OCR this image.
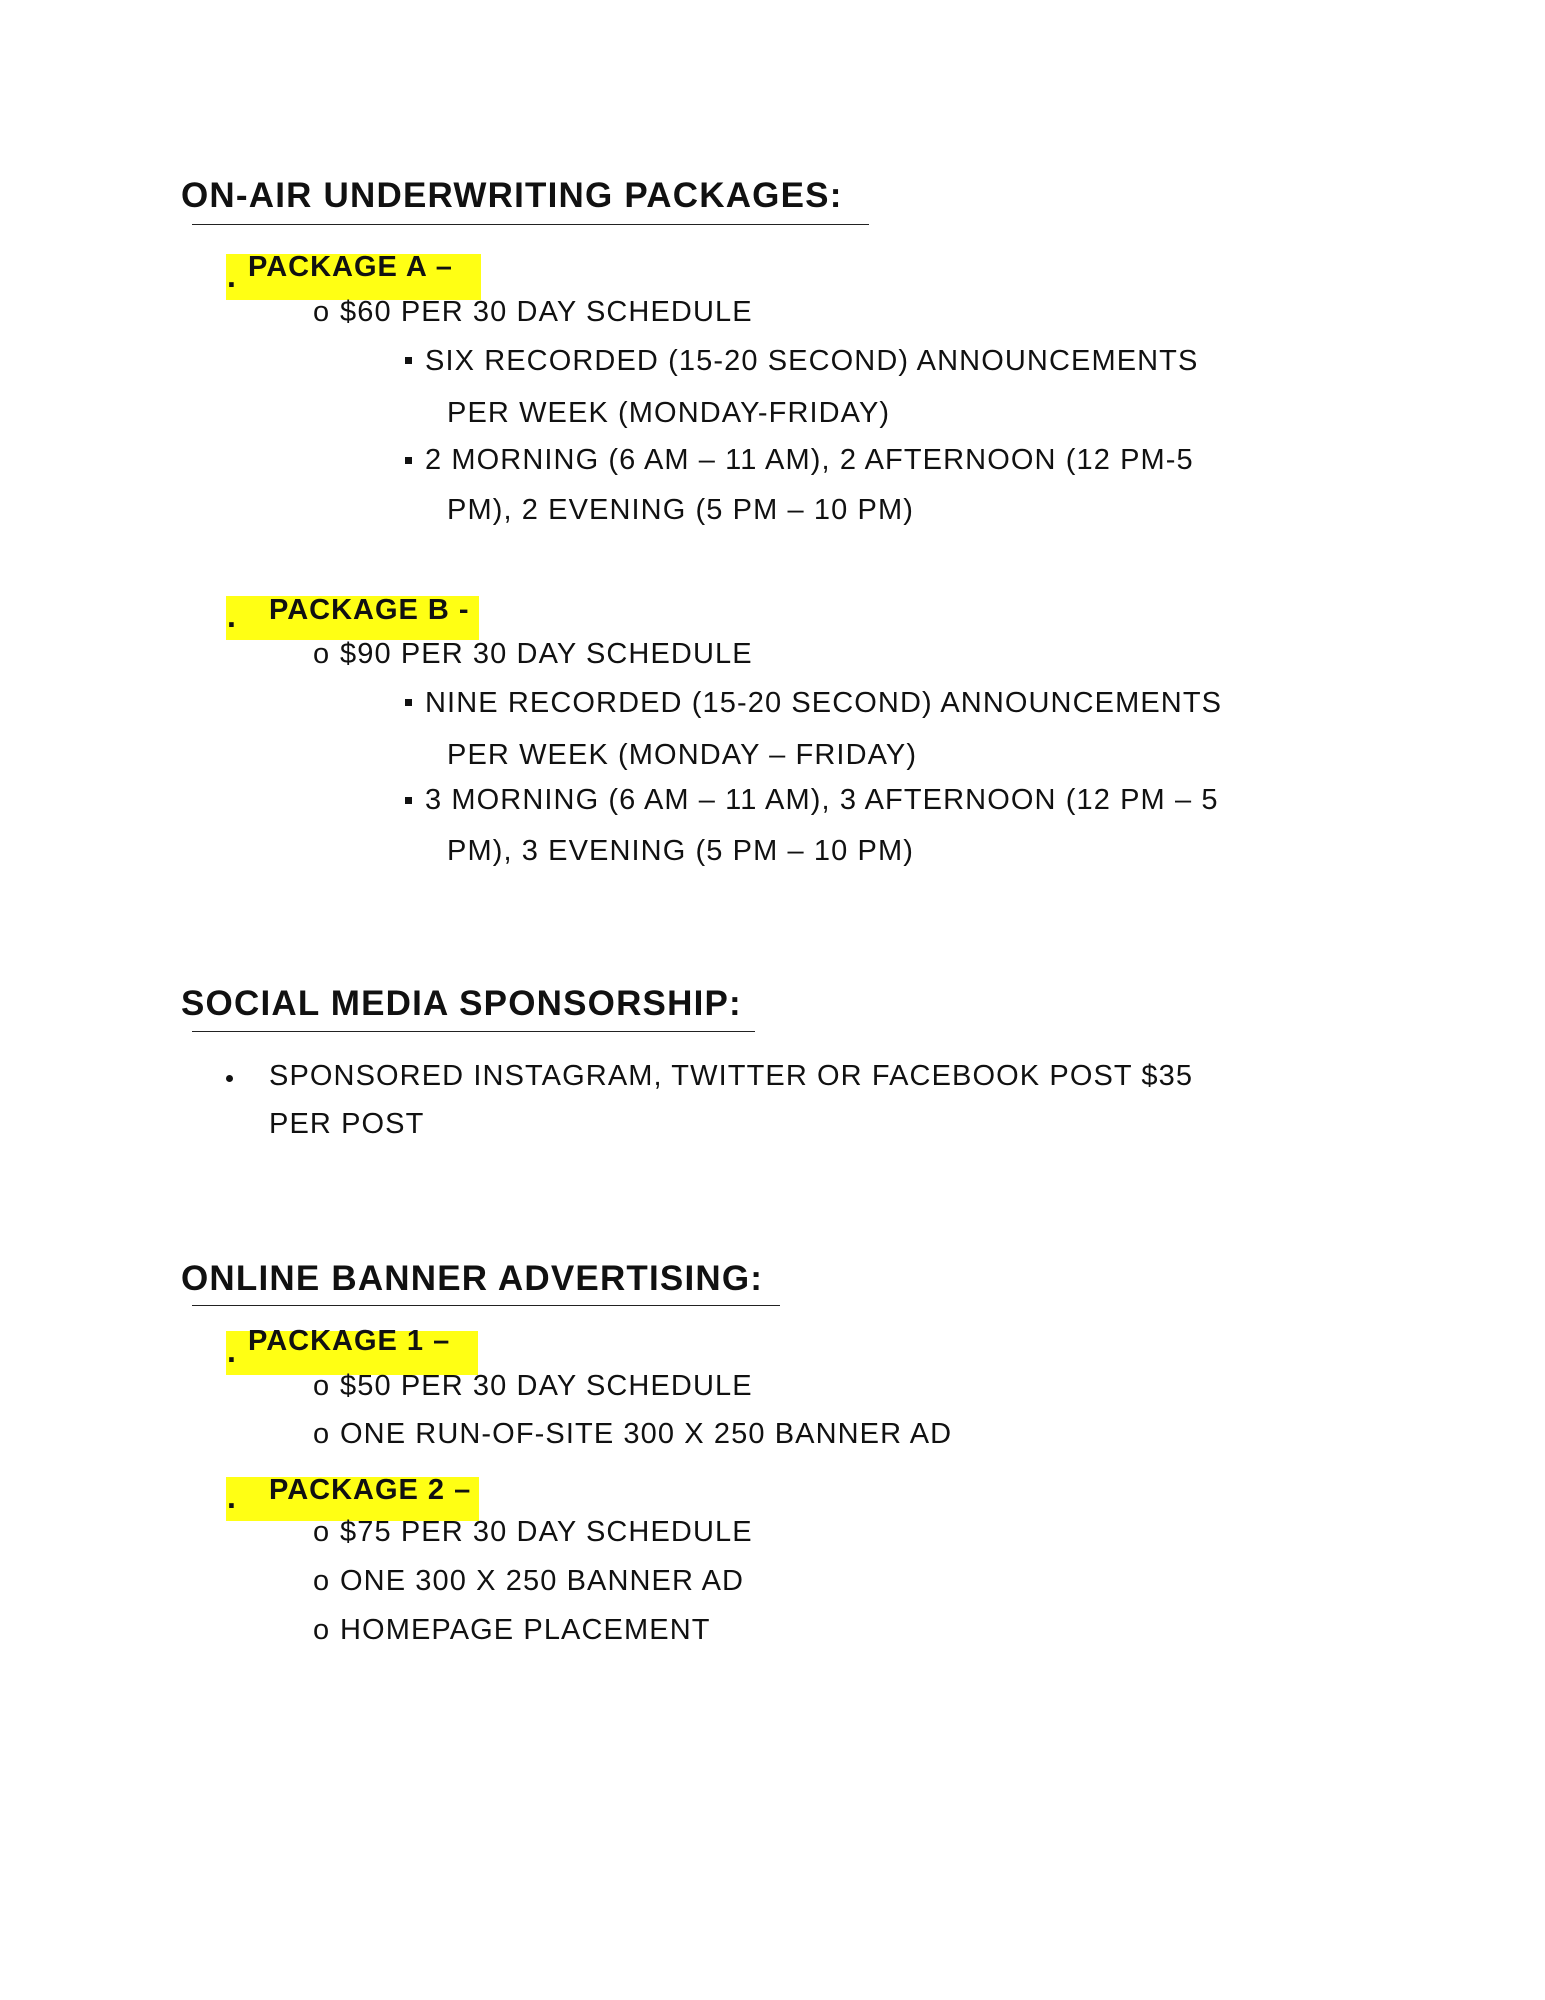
ON-AIR UNDERWRITING PACKAGES:
. PACKAGE A –
o $60 PER 30 DAY SCHEDULE
SIX RECORDED (15-20 SECOND) ANNOUNCEMENTS
PER WEEK (MONDAY-FRIDAY)
2 MORNING (6 AM – 11 AM), 2 AFTERNOON (12 PM-5
PM), 2 EVENING (5 PM – 10 PM)
. PACKAGE B -
o $90 PER 30 DAY SCHEDULE
NINE RECORDED (15-20 SECOND) ANNOUNCEMENTS
PER WEEK (MONDAY – FRIDAY)
3 MORNING (6 AM – 11 AM), 3 AFTERNOON (12 PM – 5
PM), 3 EVENING (5 PM – 10 PM)
SOCIAL MEDIA SPONSORSHIP:
SPONSORED INSTAGRAM, TWITTER OR FACEBOOK POST $35
PER POST
ONLINE BANNER ADVERTISING:
. PACKAGE 1 –
o $50 PER 30 DAY SCHEDULE
o ONE RUN-OF-SITE 300 X 250 BANNER AD
. PACKAGE 2 –
o $75 PER 30 DAY SCHEDULE
o ONE 300 X 250 BANNER AD
o HOMEPAGE PLACEMENT
